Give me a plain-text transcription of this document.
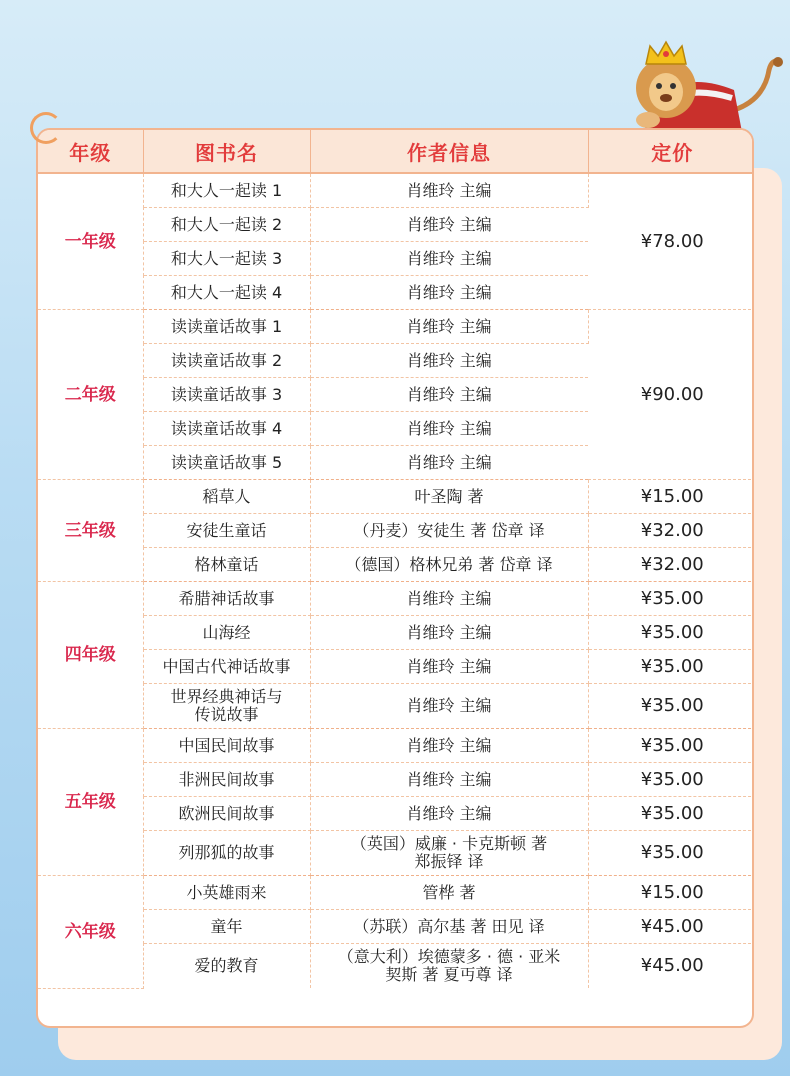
年级	图书名	作者信息	定价
一年级	和大人一起读 1	肖维玲 主编	¥78.00
	和大人一起读 2	肖维玲 主编	
	和大人一起读 3	肖维玲 主编	
	和大人一起读 4	肖维玲 主编	
二年级	读读童话故事 1	肖维玲 主编	¥90.00
	读读童话故事 2	肖维玲 主编	
	读读童话故事 3	肖维玲 主编	
	读读童话故事 4	肖维玲 主编	
	读读童话故事 5	肖维玲 主编	
三年级	稻草人	叶圣陶 著	¥15.00
	安徒生童话	（丹麦）安徒生 著 岱章 译	¥32.00
	格林童话	（德国）格林兄弟 著 岱章 译	¥32.00
四年级	希腊神话故事	肖维玲 主编	¥35.00
	山海经	肖维玲 主编	¥35.00
	中国古代神话故事	肖维玲 主编	¥35.00
	世界经典神话与
传说故事	肖维玲 主编	¥35.00
五年级	中国民间故事	肖维玲 主编	¥35.00
	非洲民间故事	肖维玲 主编	¥35.00
	欧洲民间故事	肖维玲 主编	¥35.00
	列那狐的故事	（英国）威廉 · 卡克斯顿 著
郑振铎 译	¥35.00
六年级	小英雄雨来	管桦 著	¥15.00
	童年	（苏联）高尔基 著 田见 译	¥45.00
	爱的教育	（意大利）埃德蒙多 · 德 · 亚米
契斯 著 夏丏尊 译	¥45.00
